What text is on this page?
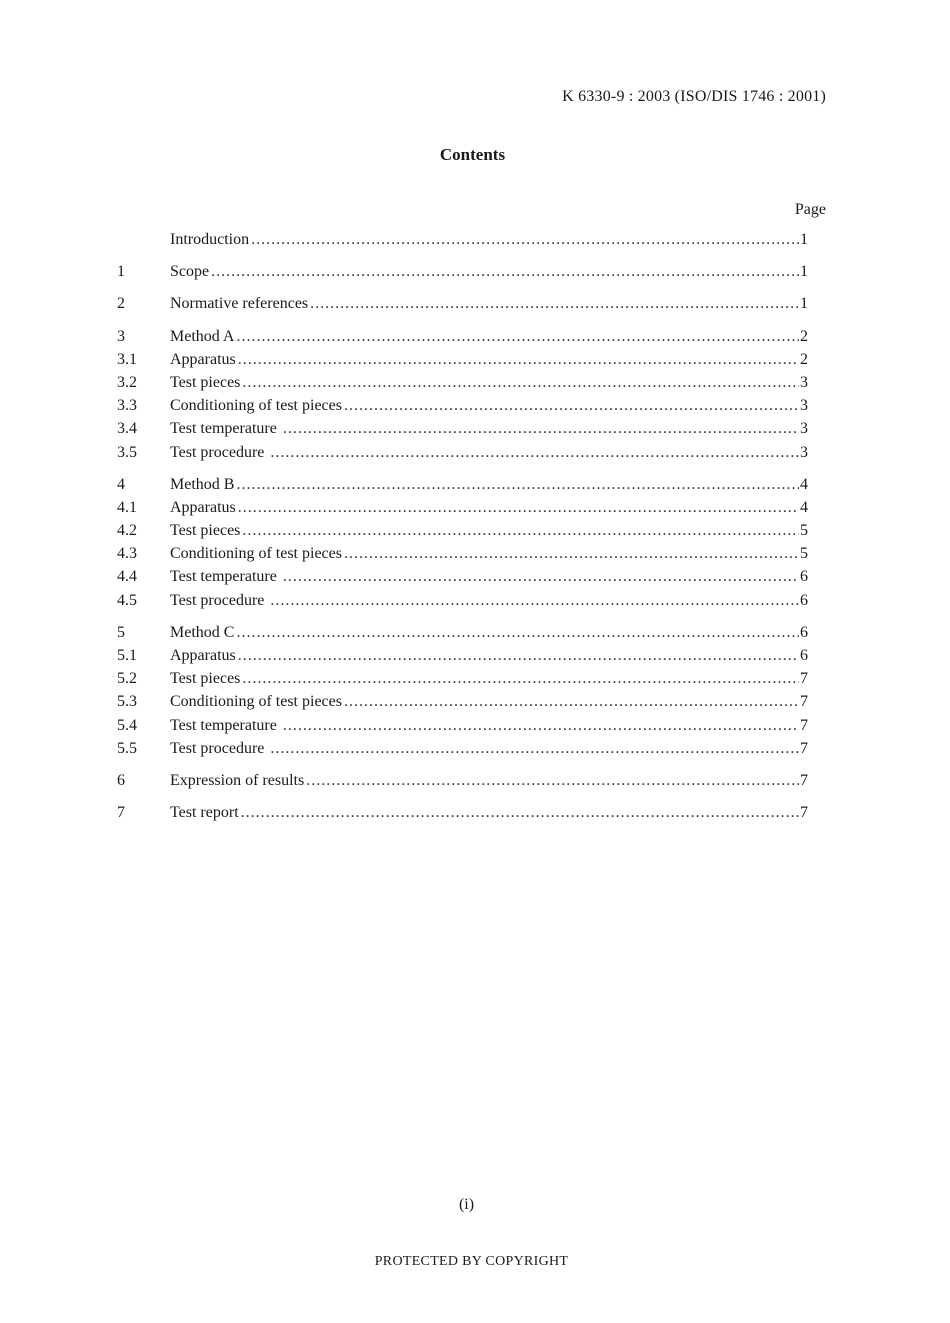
K 6330-9 : 2003 (ISO/DIS 1746 : 2001)
Contents
Page
Introduction .....	1
1	Scope .....	1
2	Normative references .....	1
3	Method A .....	2
3.1	Apparatus .....	2
3.2	Test pieces .....	3
3.3	Conditioning of test pieces .....	3
3.4	Test temperature .....	3
3.5	Test procedure .....	3
4	Method B .....	4
4.1	Apparatus .....	4
4.2	Test pieces .....	5
4.3	Conditioning of test pieces .....	5
4.4	Test temperature .....	6
4.5	Test procedure .....	6
5	Method C .....	6
5.1	Apparatus .....	6
5.2	Test pieces .....	7
5.3	Conditioning of test pieces .....	7
5.4	Test temperature .....	7
5.5	Test procedure .....	7
6	Expression of results .....	7
7	Test report .....	7
(i)
PROTECTED BY COPYRIGHT
